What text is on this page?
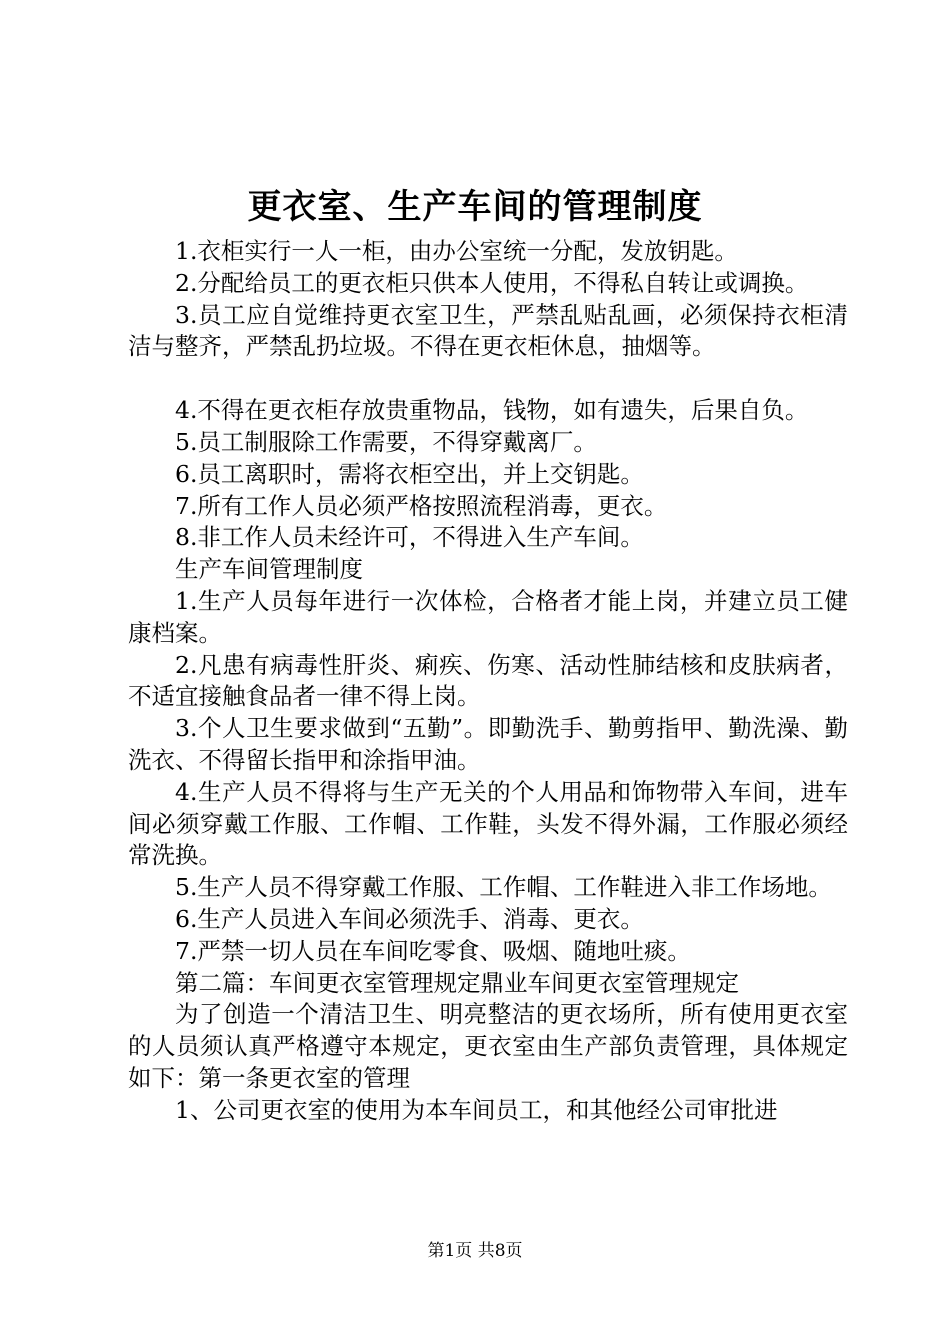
更衣室、生产车间的管理制度

1.衣柜实行一人一柜，由办公室统一分配，发放钥匙。

2.分配给员工的更衣柜只供本人使用，不得私自转让或调换。

3.员工应自觉维持更衣室卫生，严禁乱贴乱画，必须保持衣柜清洁与整齐，严禁乱扔垃圾。不得在更衣柜休息，抽烟等。

4.不得在更衣柜存放贵重物品，钱物，如有遗失，后果自负。

5.员工制服除工作需要，不得穿戴离厂。

6.员工离职时，需将衣柜空出，并上交钥匙。

7.所有工作人员必须严格按照流程消毒，更衣。

8.非工作人员未经许可，不得进入生产车间。

生产车间管理制度

1.生产人员每年进行一次体检，合格者才能上岗，并建立员工健康档案。

2.凡患有病毒性肝炎、痢疾、伤寒、活动性肺结核和皮肤病者，不适宜接触食品者一律不得上岗。

3.个人卫生要求做到“五勤”。即勤洗手、勤剪指甲、勤洗澡、勤洗衣、不得留长指甲和涂指甲油。

4.生产人员不得将与生产无关的个人用品和饰物带入车间，进车间必须穿戴工作服、工作帽、工作鞋，头发不得外漏，工作服必须经常洗换。

5.生产人员不得穿戴工作服、工作帽、工作鞋进入非工作场地。

6.生产人员进入车间必须洗手、消毒、更衣。

7.严禁一切人员在车间吃零食、吸烟、随地吐痰。

第二篇：车间更衣室管理规定鼎业车间更衣室管理规定

为了创造一个清洁卫生、明亮整洁的更衣场所，所有使用更衣室的人员须认真严格遵守本规定，更衣室由生产部负责管理，具体规定如下：第一条更衣室的管理

1、公司更衣室的使用为本车间员工，和其他经公司审批进

第1页 共8页
